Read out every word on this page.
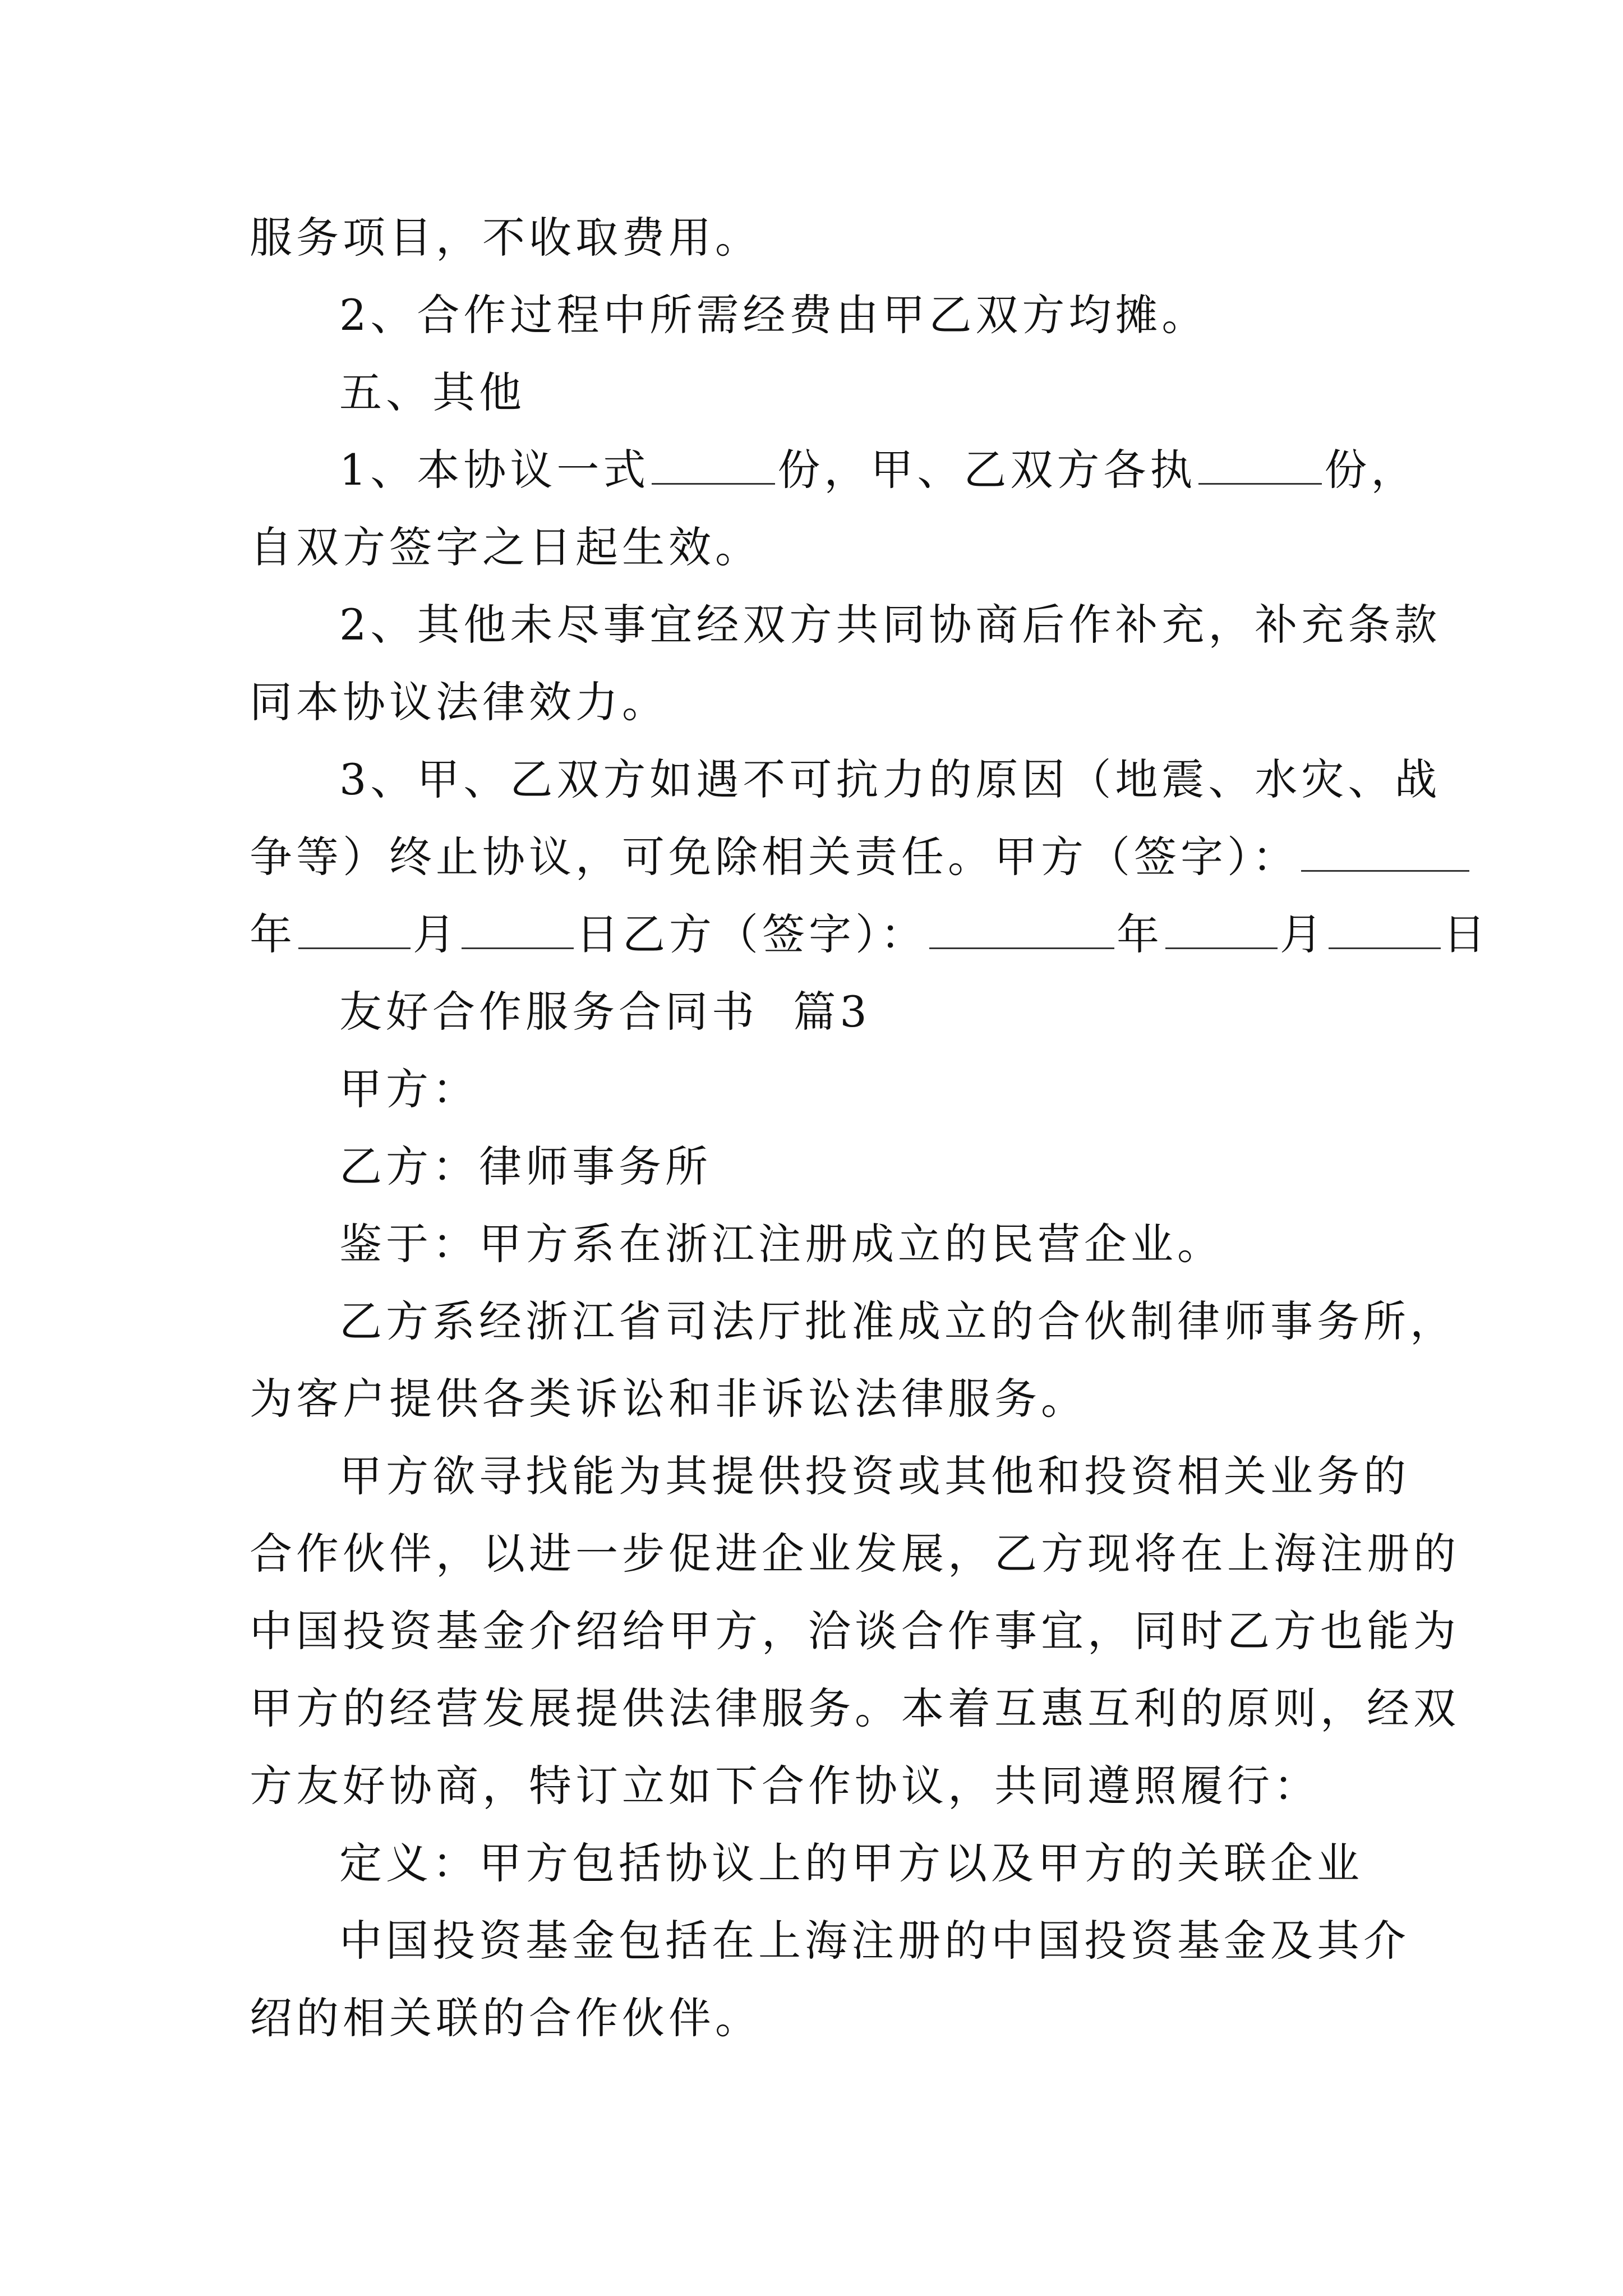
服务项目，不收取费用。
2、合作过程中所需经费由甲乙双方均摊。
五、其他
1、本协议一式	份，甲、乙双方各执	份，
自双方签字之日起生效。
2、其他未尽事宜经双方共同协商后作补充，补充条款
同本协议法律效力。
3、甲、乙双方如遇不可抗力的原因（地震、水灾、战
争等）终止协议，可免除相关责任。甲方（签字）：
年	月	日乙方（签字）：	年	月	日
友好合作服务合同书  篇3
甲方：
乙方：律师事务所
鉴于：甲方系在浙江注册成立的民营企业。
乙方系经浙江省司法厅批准成立的合伙制律师事务所，
为客户提供各类诉讼和非诉讼法律服务。
甲方欲寻找能为其提供投资或其他和投资相关业务的
合作伙伴，以进一步促进企业发展，乙方现将在上海注册的
中国投资基金介绍给甲方，洽谈合作事宜，同时乙方也能为
甲方的经营发展提供法律服务。本着互惠互利的原则，经双
方友好协商，特订立如下合作协议，共同遵照履行：
定义：甲方包括协议上的甲方以及甲方的关联企业
中国投资基金包括在上海注册的中国投资基金及其介
绍的相关联的合作伙伴。
